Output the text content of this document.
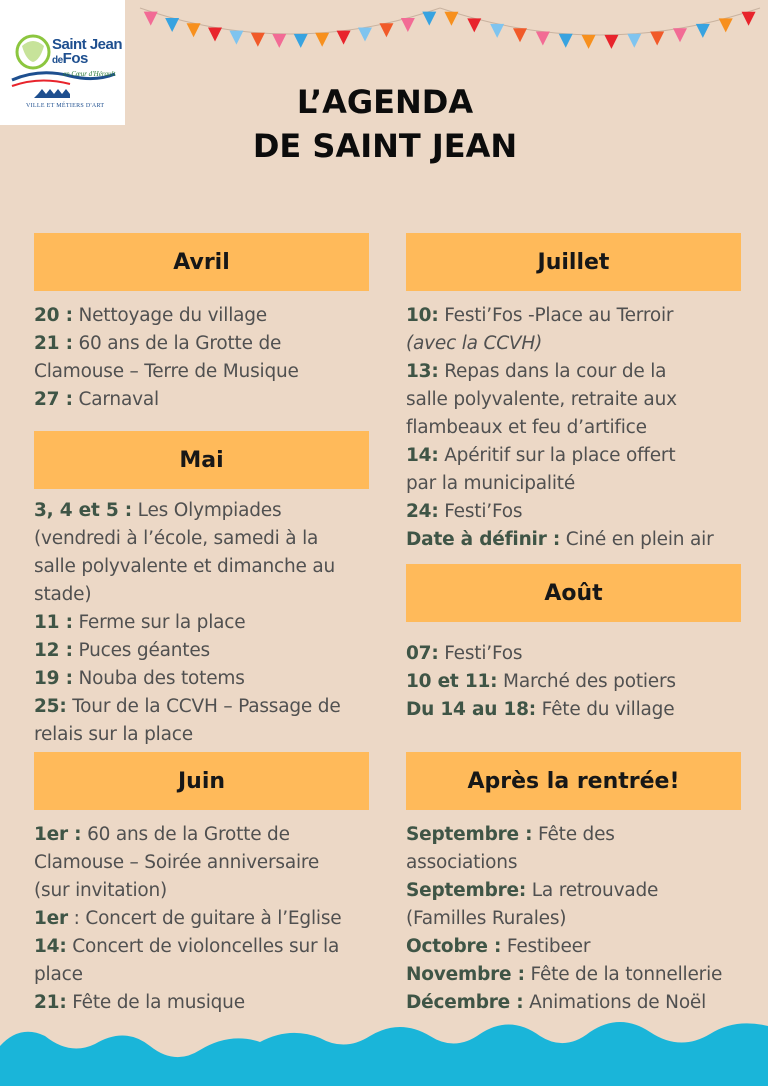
Saint Jean
deFos
en Cœur d'Hérault
VILLE ET MÉTIERS D'ART	L’AGENDA
DE SAINT JEAN
Avril
20 : Nettoyage du village
21 : 60 ans de la Grotte de
Clamouse – Terre de Musique
27 : Carnaval
Mai
3, 4 et 5 : Les Olympiades
(vendredi à l’école, samedi à la
salle polyvalente et dimanche au
stade)
11 : Ferme sur la place
12 : Puces géantes
19 : Nouba des totems
25: Tour de la CCVH – Passage de
relais sur la place
Juin
1er : 60 ans de la Grotte de
Clamouse – Soirée anniversaire
(sur invitation)
1er : Concert de guitare à l’Eglise
14: Concert de violoncelles sur la
place
21: Fête de la musique
Juillet
10: Festi’Fos -Place au Terroir
(avec la CCVH)
13: Repas dans la cour de la
salle polyvalente, retraite aux
flambeaux et feu d’artifice
14: Apéritif sur la place offert
par la municipalité
24: Festi’Fos
Date à définir : Ciné en plein air
Août
07: Festi’Fos
10 et 11: Marché des potiers
Du 14 au 18: Fête du village
Après la rentrée!
Septembre : Fête des
associations
Septembre: La retrouvade
(Familles Rurales)
Octobre : Festibeer
Novembre : Fête de la tonnellerie
Décembre : Animations de Noël
